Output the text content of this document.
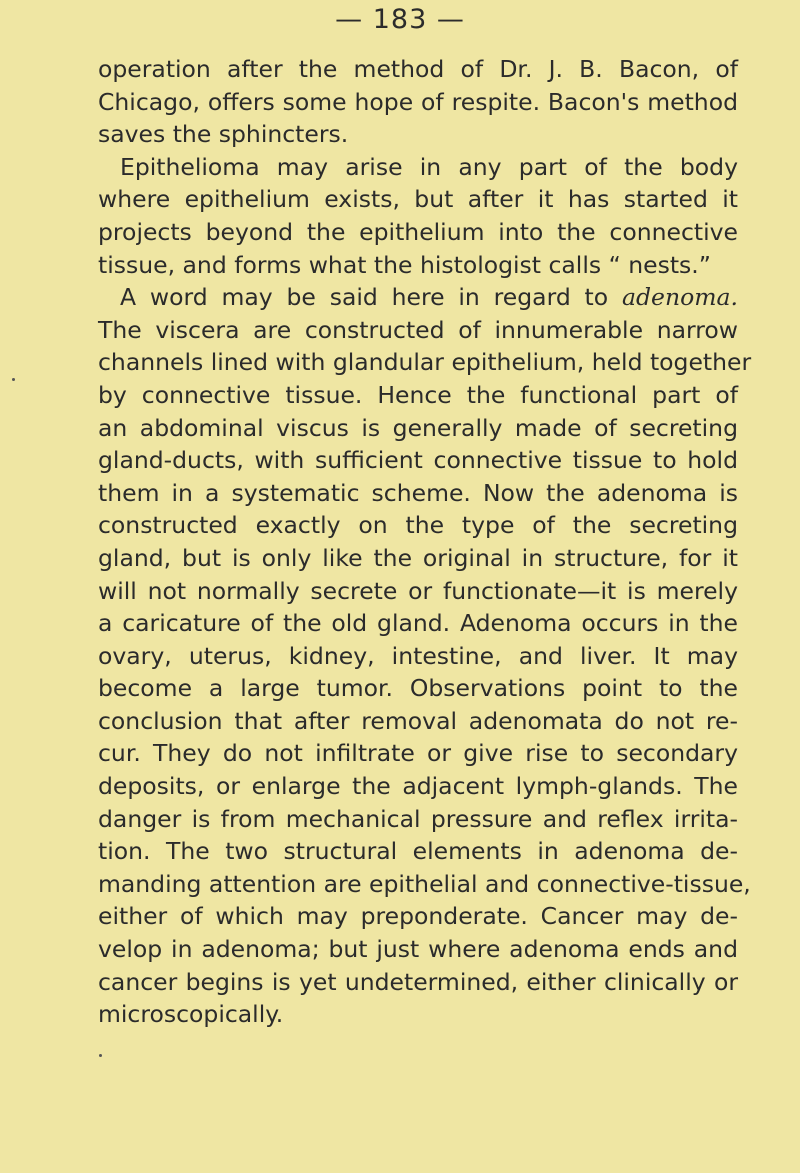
— 183 —
operation after the method of Dr. J. B. Bacon, of
Chicago, offers some hope of respite. Bacon's method
saves the sphincters.
Epithelioma may arise in any part of the body
where epithelium exists, but after it has started it
projects beyond the epithelium into the connective
tissue, and forms what the histologist calls “ nests.”
A word may be said here in regard to adenoma.
The viscera are constructed of innumerable narrow
channels lined with glandular epithelium, held together
by connective tissue. Hence the functional part of
an abdominal viscus is generally made of secreting
gland-ducts, with sufficient connective tissue to hold
them in a systematic scheme. Now the adenoma is
constructed exactly on the type of the secreting
gland, but is only like the original in structure, for it
will not normally secrete or functionate—it is merely
a caricature of the old gland. Adenoma occurs in the
ovary, uterus, kidney, intestine, and liver. It may
become a large tumor. Observations point to the
conclusion that after removal adenomata do not re-
cur. They do not infiltrate or give rise to secondary
deposits, or enlarge the adjacent lymph-glands. The
danger is from mechanical pressure and reflex irrita-
tion. The two structural elements in adenoma de-
manding attention are epithelial and connective-tissue,
either of which may preponderate. Cancer may de-
velop in adenoma; but just where adenoma ends and
cancer begins is yet undetermined, either clinically or
microscopically.
